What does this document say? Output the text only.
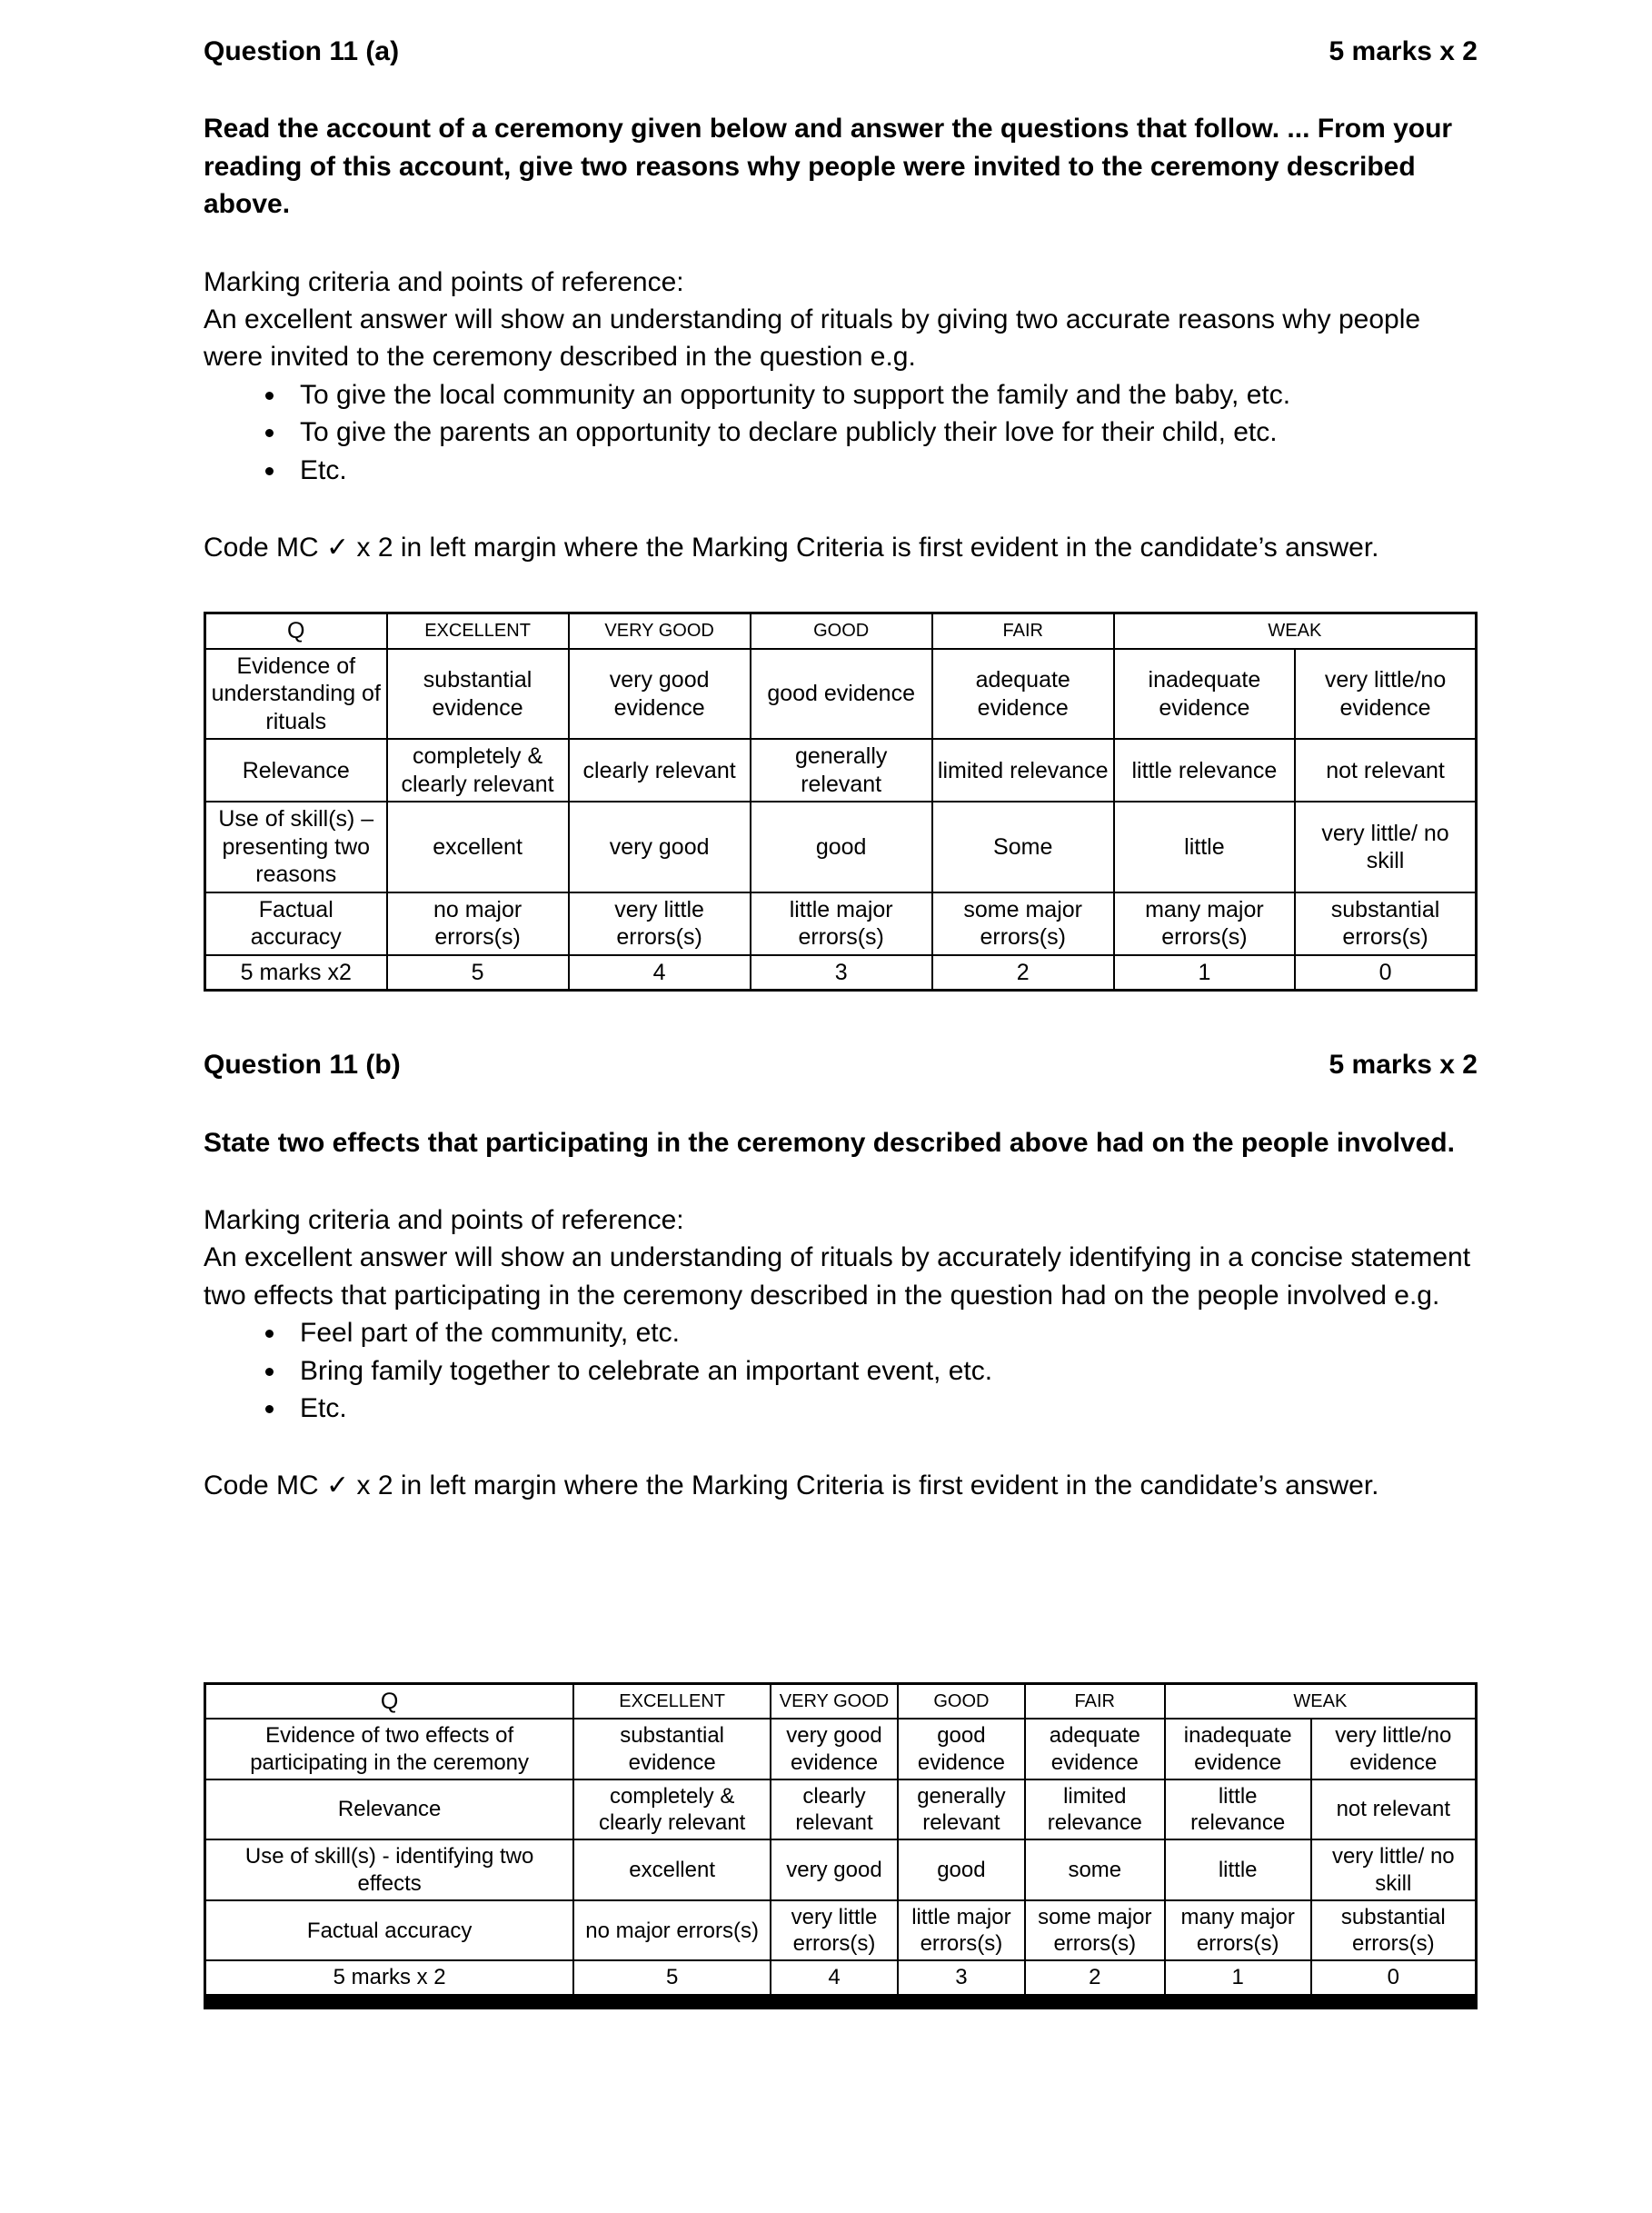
Question 11 (a)	5 marks x 2

Read the account of a ceremony given below and answer the questions that follow. ... From your reading of this account, give two reasons why people were invited to the ceremony described above.

Marking criteria and points of reference:
An excellent answer will show an understanding of rituals by giving two accurate reasons why people were invited to the ceremony described in the question e.g.
• To give the local community an opportunity to support the family and the baby, etc.
• To give the parents an opportunity to declare publicly their love for their child, etc.
• Etc.

Code MC ✓ x 2 in left margin where the Marking Criteria is first evident in the candidate’s answer.

Q	EXCELLENT	VERY GOOD	GOOD	FAIR	WEAK	
Evidence of understanding of rituals	substantial evidence	very good evidence	good evidence	adequate evidence	inadequate evidence	very little/no evidence
Relevance	completely & clearly relevant	clearly relevant	generally relevant	limited relevance	little relevance	not relevant
Use of skill(s) – presenting two reasons	excellent	very good	good	Some	little	very little/ no skill
Factual accuracy	no major errors(s)	very little errors(s)	little major errors(s)	some major errors(s)	many major errors(s)	substantial errors(s)
5 marks x2	5	4	3	2	1	0
Question 11 (b)	5 marks x 2

State two effects that participating in the ceremony described above had on the people involved.

Marking criteria and points of reference:
An excellent answer will show an understanding of rituals by accurately identifying in a concise statement two effects that participating in the ceremony described in the question had on the people involved e.g.
• Feel part of the community, etc.
• Bring family together to celebrate an important event, etc.
• Etc.

Code MC ✓ x 2 in left margin where the Marking Criteria is first evident in the candidate’s answer.

Q	EXCELLENT	VERY GOOD	GOOD	FAIR	WEAK	
Evidence of two effects of participating in the ceremony	substantial evidence	very good evidence	good evidence	adequate evidence	inadequate evidence	very little/no evidence
Relevance	completely & clearly relevant	clearly relevant	generally relevant	limited relevance	little relevance	not relevant
Use of skill(s) - identifying two effects	excellent	very good	good	some	little	very little/ no skill
Factual accuracy	no major errors(s)	very little errors(s)	little major errors(s)	some major errors(s)	many major errors(s)	substantial errors(s)
5 marks x 2	5	4	3	2	1	0
